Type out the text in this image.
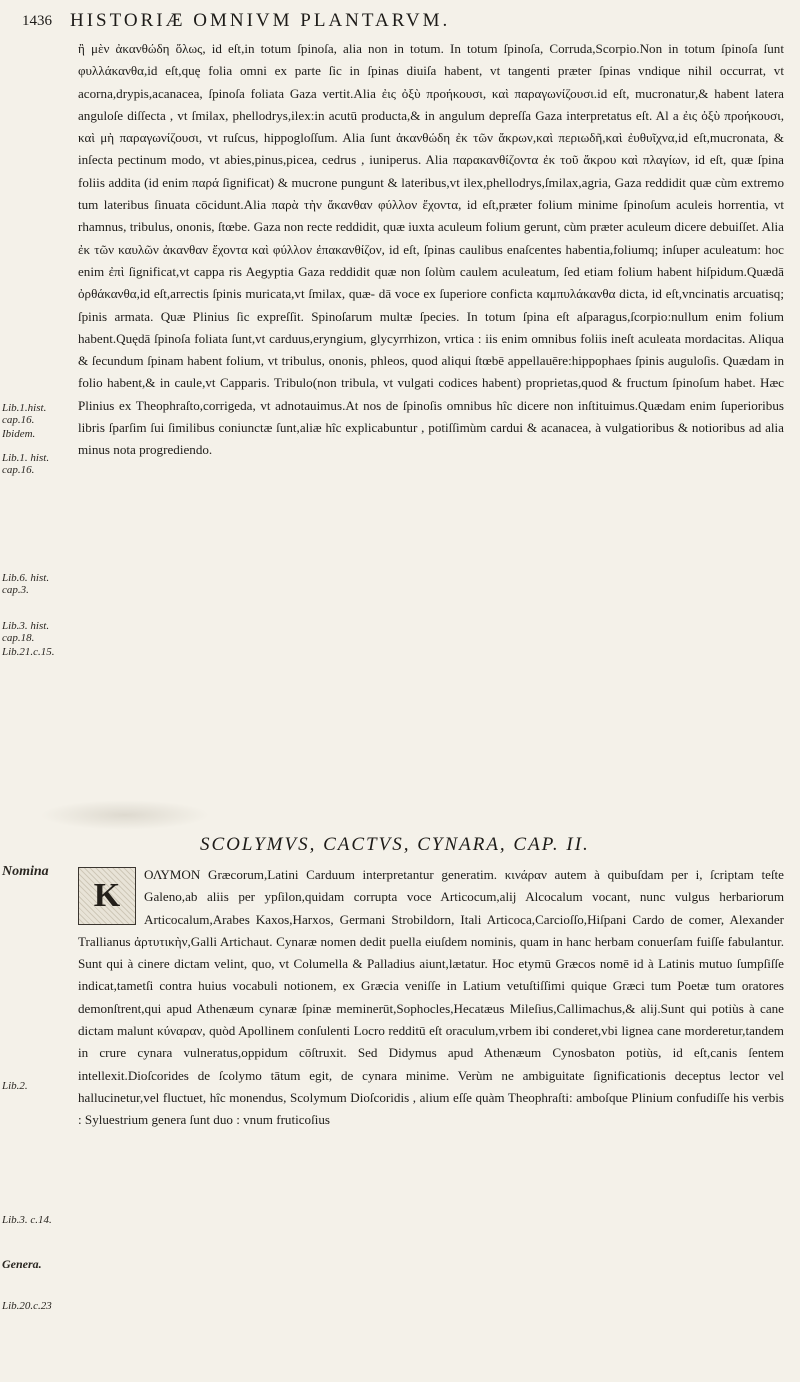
1436 HISTORIÆ OMNIVM PLANTARVM.
Lib.1.hist. cap.16.
Ibidem.
Lib.1. hist. cap.16.
Lib.6. hist. cap.3.
Lib.3. hist. cap.18.
Lib.21.c.15.
Nomina
Lib.2.
Lib.3. c.14.
Genera.
Lib.20.c.23

ἢ μὲν ἀκανθώδη ὅλως, id eſt,in totum ſpinoſa, alia non in totum. In totum ſpinoſa, Corruda,Scorpio.Non in totum ſpinoſa ſunt φυλλάκανθα,id eſt,quę folia omni ex parte ſic in ſpinas diuiſa habent, vt tangenti præter ſpinas vndique nihil occurrat, vt acorna,drypis,acanacea, ſpinoſa foliata Gaza vertit.Alia ἐις ὀξὺ προήκουσι, καὶ παραγωνίζουσι.id eſt, mucronatur,& habent latera anguloſe diſſecta , vt ſmilax, phellodrys,ilex:in acutū producta,& in angulum depreſſa Gaza interpretatus eſt. Al a ἐις ὀξὺ προήκουσι, καὶ μὴ παραγωνίζουσι, vt ruſcus, hippogloſſum. Alia ſunt ἀκανθώδη ἐκ τῶν ἄκρων,καὶ περιωδῆ,καὶ ἐυθυῖχνα,id eſt,mucronata, & inſecta pectinum modo, vt abies,pinus,picea, cedrus , iuniperus. Alia παρακανθίζοντα ἐκ τοῦ ἄκρου καὶ πλαγίων, id eſt, quæ ſpina foliis addita (id enim παρά ſignificat) & mucrone pungunt & lateribus,vt ilex,phellodrys,ſmilax,agria, Gaza reddidit quæ cùm extremo tum lateribus ſinuata cōcidunt.Alia παρὰ τὴν ἄκανθαν φύλλον ἔχοντα, id eſt,præter folium minime ſpinoſum aculeis horrentia, vt rhamnus, tribulus, ononis, ſtœbe. Gaza non recte reddidit, quæ iuxta aculeum folium gerunt, cùm præter aculeum dicere debuiſſet. Alia ἐκ τῶν καυλῶν ἀκανθαν ἔχοντα καὶ φύλλον ἐπακανθίζον, id eſt, ſpinas caulibus enaſcentes habentia,foliumq; inſuper aculeatum: hoc enim ἐπὶ ſignificat,vt cappa ris Aegyptia Gaza reddidit quæ non ſolùm caulem aculeatum, ſed etiam folium habent hiſpidum.Quædā ὀρθάκανθα,id eſt,arrectis ſpinis muricata,vt ſmilax, quæ- dā voce ex ſuperiore conficta καμπυλάκανθα dicta, id eſt,vncinatis arcuatisq; ſpinis armata. Quæ Plinius ſic expreſſit. Spinoſarum multæ ſpecies. In totum ſpina eſt aſparagus,ſcorpio:nullum enim folium habent.Quędā ſpinoſa foliata ſunt,vt carduus,eryngium, glycyrrhizon, vrtica : iis enim omnibus foliis ineſt aculeata mordacitas. Aliqua & ſecundum ſpinam habent folium, vt tribulus, ononis, phleos, quod aliqui ſtœbē appellauēre:hippophaes ſpinis auguloſis. Quædam in folio habent,& in caule,vt Capparis. Tribulo(non tribula, vt vulgati codices habent) proprietas,quod & fructum ſpinoſum habet. Hæc Plinius ex Theophraſto,corrigeda, vt adnotauimus.At nos de ſpinoſis omnibus hîc dicere non inſtituimus.Quædam enim ſuperioribus libris ſparſim ſui ſimilibus coniunctæ ſunt,aliæ hîc explicabuntur , potiſſimùm cardui & acanacea, à vulgatioribus & notioribus ad alia minus nota progrediendo.

SCOLYMVS, CACTVS, CYNARA, CAP. II.
K

ΟΛΥΜΟΝ Græcorum,Latini Carduum interpretantur generatim. κινάραν autem à quibuſdam per i, ſcriptam teſte Galeno,ab aliis per ypſilon,quidam corrupta voce Articocum,alij Alcocalum vocant, nunc vulgus herbariorum Articocalum,Arabes Kaxos,Harxos, Germani Strobildorn, Itali Articoca,Carcioſſo,Hiſpani Cardo de comer, Alexander Trallianus ἀρτυτικὴν,Galli Artichaut. Cynaræ nomen dedit puella eiuſdem nominis, quam in hanc herbam conuerſam fuiſſe fabulantur. Sunt qui à cinere dictam velint, quo, vt Columella & Palladius aiunt,lætatur. Hoc etymū Græcos nomē id à Latinis mutuo ſumpſiſſe indicat,tametſi contra huius vocabuli notionem, ex Græcia veniſſe in Latium vetuſtiſſimi quique Græci tum Poetæ tum oratores demonſtrent,qui apud Athenæum cynaræ ſpinæ meminerūt,Sophocles,Hecatæus Mileſius,Callimachus,& alij.Sunt qui potiùs à cane dictam malunt κύναραν, quòd Apollinem conſulenti Locro redditū eſt oraculum,vrbem ibi conderet,vbi lignea cane morderetur,tandem in crure cynara vulneratus,oppidum cōſtruxit. Sed Didymus apud Athenæum Cynosbaton potiùs, id eſt,canis ſentem intellexit.Dioſcorides de ſcolymo tātum egit, de cynara minime. Verùm ne ambiguitate ſignificationis deceptus lector vel hallucinetur,vel fluctuet, hîc monendus, Scolymum Dioſcoridis , alium eſſe quàm Theophraſti: amboſque Plinium confudiſſe his verbis : Syluestrium genera ſunt duo : vnum fruticoſius
